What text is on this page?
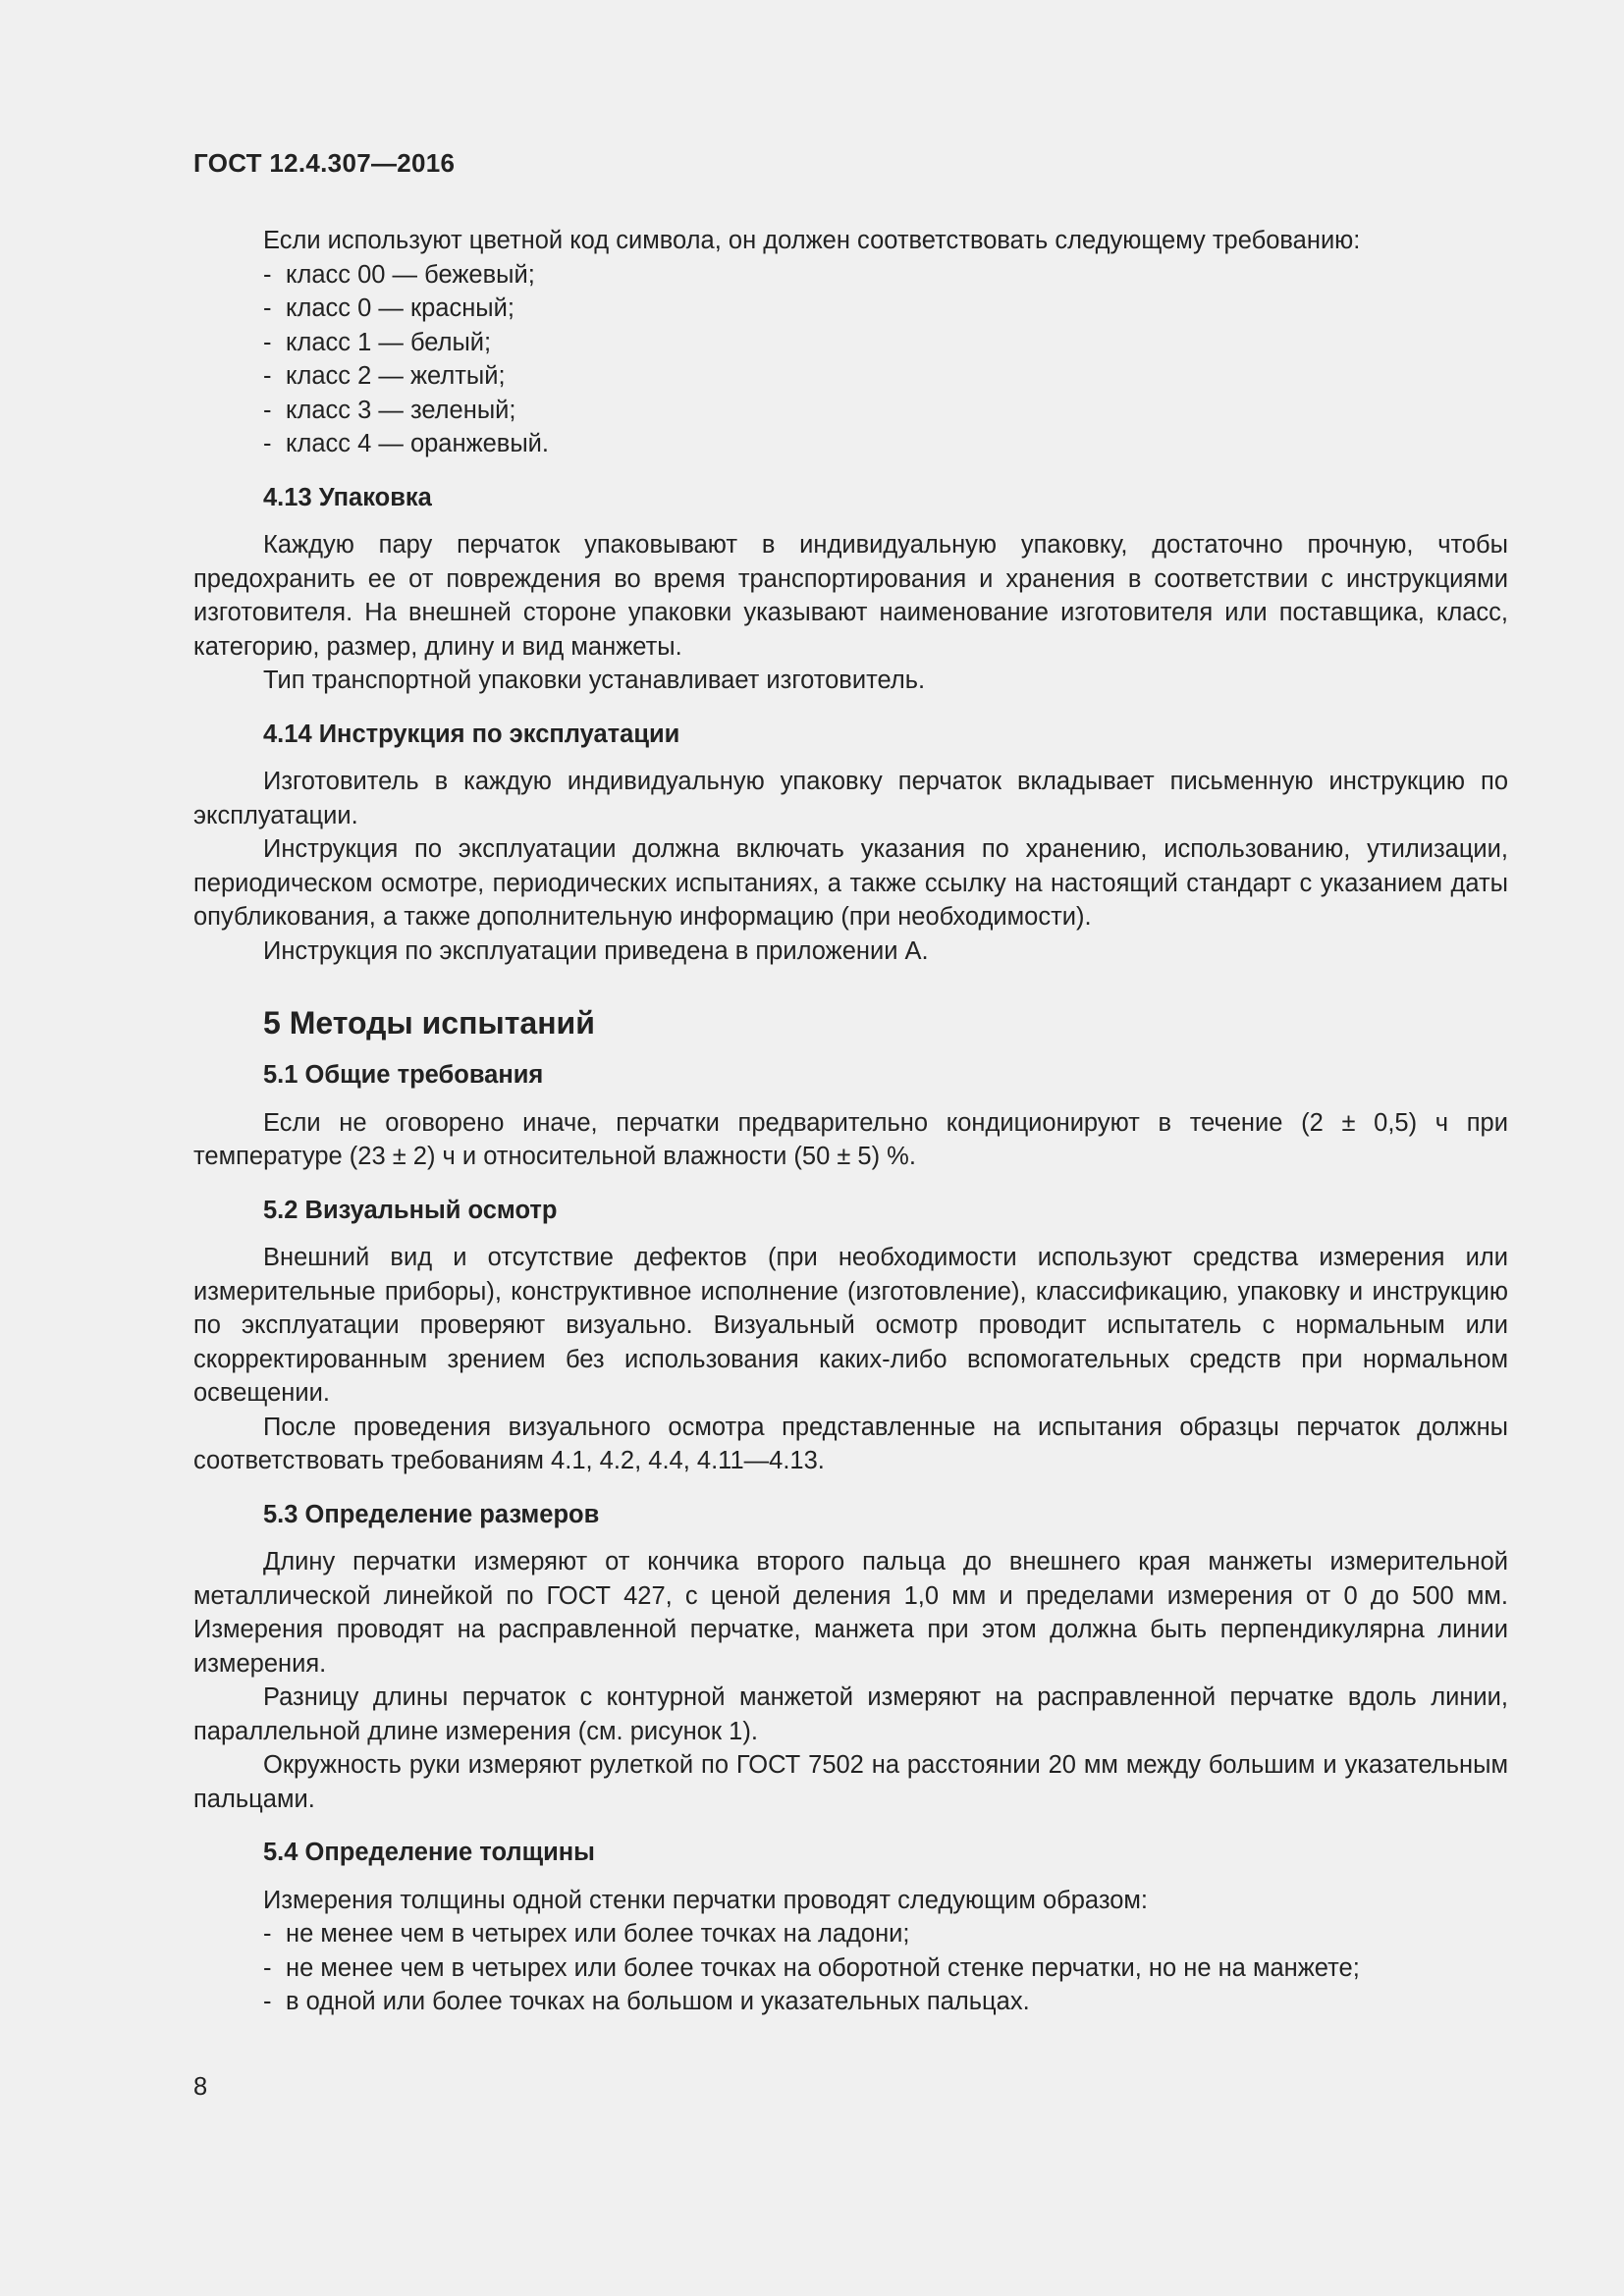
ГОСТ 12.4.307—2016

Если используют цветной код символа, он должен соответствовать следующему требованию:

- класс 00 — бежевый;
- класс 0 — красный;
- класс 1 — белый;
- класс 2 — желтый;
- класс 3 — зеленый;
- класс 4 — оранжевый.
4.13 Упаковка

Каждую пару перчаток упаковывают в индивидуальную упаковку, достаточно прочную, чтобы предохранить ее от повреждения во время транспортирования и хранения в соответствии с инструкциями изготовителя. На внешней стороне упаковки указывают наименование изготовителя или поставщика, класс, категорию, размер, длину и вид манжеты.

Тип транспортной упаковки устанавливает изготовитель.

4.14 Инструкция по эксплуатации

Изготовитель в каждую индивидуальную упаковку перчаток вкладывает письменную инструкцию по эксплуатации.

Инструкция по эксплуатации должна включать указания по хранению, использованию, утилизации, периодическом осмотре, периодических испытаниях, а также ссылку на настоящий стандарт с указанием даты опубликования, а также дополнительную информацию (при необходимости).

Инструкция по эксплуатации приведена в приложении А.

5 Методы испытаний
5.1 Общие требования

Если не оговорено иначе, перчатки предварительно кондиционируют в течение (2 ± 0,5) ч при температуре (23 ± 2) ч и относительной влажности (50 ± 5) %.

5.2 Визуальный осмотр

Внешний вид и отсутствие дефектов (при необходимости используют средства измерения или измерительные приборы), конструктивное исполнение (изготовление), классификацию, упаковку и инструкцию по эксплуатации проверяют визуально. Визуальный осмотр проводит испытатель с нормальным или скорректированным зрением без использования каких-либо вспомогательных средств при нормальном освещении.

После проведения визуального осмотра представленные на испытания образцы перчаток должны соответствовать требованиям 4.1, 4.2, 4.4, 4.11—4.13.

5.3 Определение размеров

Длину перчатки измеряют от кончика второго пальца до внешнего края манжеты измерительной металлической линейкой по ГОСТ 427, с ценой деления 1,0 мм и пределами измерения от 0 до 500 мм. Измерения проводят на расправленной перчатке, манжета при этом должна быть перпендикулярна линии измерения.

Разницу длины перчаток с контурной манжетой измеряют на расправленной перчатке вдоль линии, параллельной длине измерения (см. рисунок 1).

Окружность руки измеряют рулеткой по ГОСТ 7502 на расстоянии 20 мм между большим и указательным пальцами.

5.4 Определение толщины

Измерения толщины одной стенки перчатки проводят следующим образом:

- не менее чем в четырех или более точках на ладони;
- не менее чем в четырех или более точках на оборотной стенке перчатки, но не на манжете;
- в одной или более точках на большом и указательных пальцах.
8
